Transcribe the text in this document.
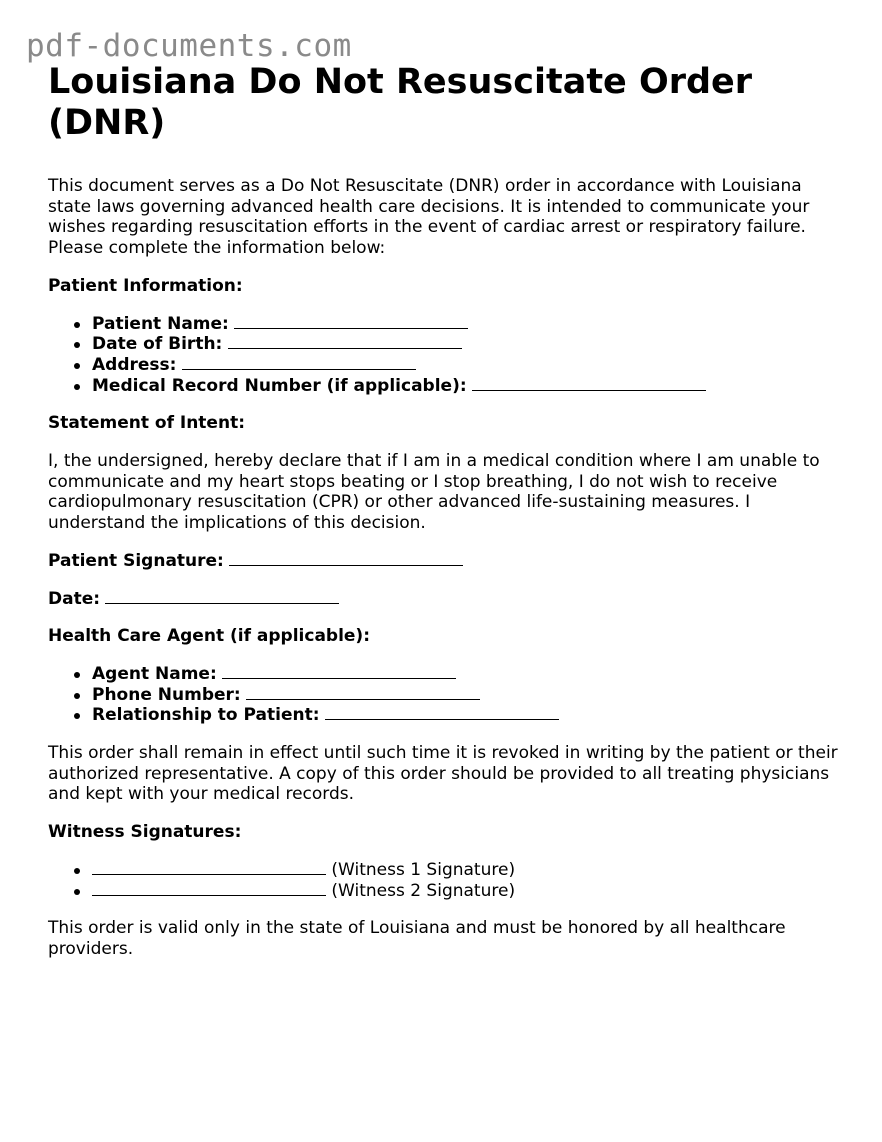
pdf-documents.com
Louisiana Do Not Resuscitate Order (DNR)

This document serves as a Do Not Resuscitate (DNR) order in accordance with Louisiana state laws governing advanced health care decisions. It is intended to communicate your wishes regarding resuscitation efforts in the event of cardiac arrest or respiratory failure. Please complete the information below:

Patient Information:

Patient Name:
Date of Birth:
Address:
Medical Record Number (if applicable):

Statement of Intent:

I, the undersigned, hereby declare that if I am in a medical condition where I am unable to communicate and my heart stops beating or I stop breathing, I do not wish to receive cardiopulmonary resuscitation (CPR) or other advanced life-sustaining measures. I understand the implications of this decision.

Patient Signature:

Date:

Health Care Agent (if applicable):

Agent Name:
Phone Number:
Relationship to Patient:

This order shall remain in effect until such time it is revoked in writing by the patient or their authorized representative. A copy of this order should be provided to all treating physicians and kept with your medical records.

Witness Signatures:

(Witness 1 Signature)
(Witness 2 Signature)

This order is valid only in the state of Louisiana and must be honored by all healthcare providers.
